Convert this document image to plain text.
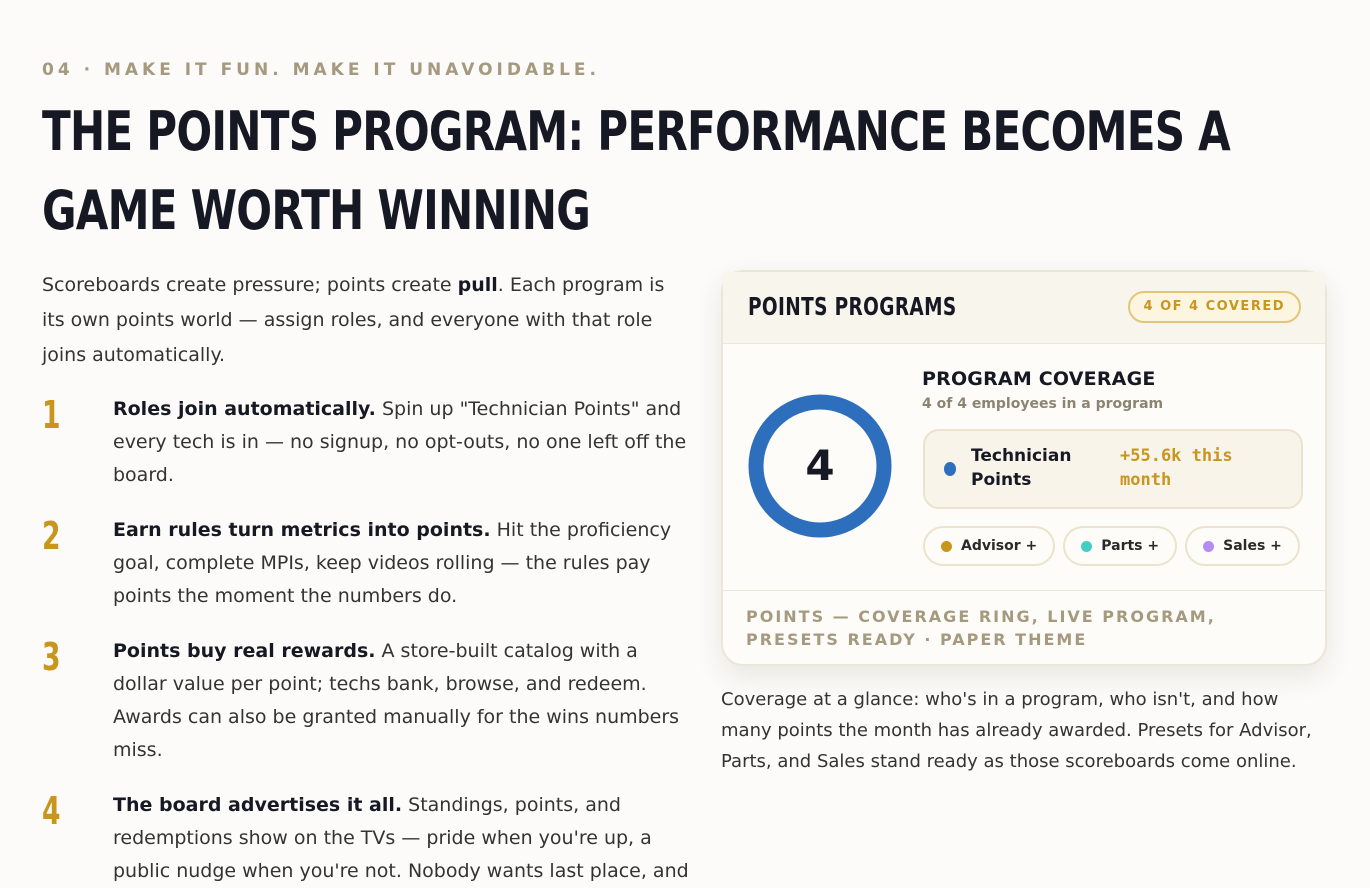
04 · MAKE IT FUN. MAKE IT UNAVOIDABLE.
THE POINTS PROGRAM: PERFORMANCE BECOMES A GAME WORTH WINNING

Scoreboards create pressure; points create pull. Each program is its own points world — assign roles, and everyone with that role joins automatically.

1	Roles join automatically. Spin up "Technician Points" and every tech is in — no signup, no opt-outs, no one left off the board.
2	Earn rules turn metrics into points. Hit the proficiency goal, complete MPIs, keep videos rolling — the rules pay points the moment the numbers do.
3	Points buy real rewards. A store-built catalog with a dollar value per point; techs bank, browse, and redeem. Awards can also be granted manually for the wins numbers miss.
4	The board advertises it all. Standings, points, and redemptions show on the TVs — pride when you're up, a public nudge when you're not. Nobody wants last place, and
POINTS PROGRAMS	4 OF 4 COVERED
4
PROGRAM COVERAGE
4 of 4 employees in a program
Technician Points
+55.6k this month
Advisor +	Parts +	Sales +
POINTS — COVERAGE RING, LIVE PROGRAM, PRESETS READY · PAPER THEME

Coverage at a glance: who's in a program, who isn't, and how many points the month has already awarded. Presets for Advisor, Parts, and Sales stand ready as those scoreboards come online.
